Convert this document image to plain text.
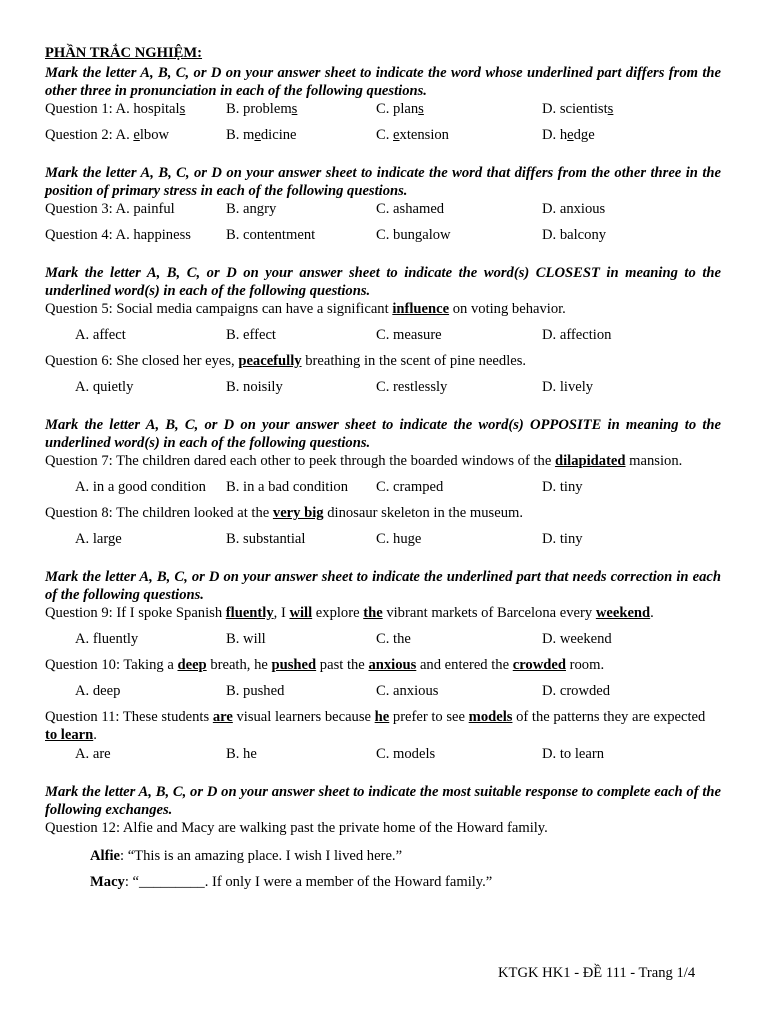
PHẦN TRẮC NGHIỆM:
Mark the letter A, B, C, or D on your answer sheet to indicate the word whose underlined part differs from the other three in pronunciation in each of the following questions.
Question 1: A. hospitals	B. problems	C. plans	D. scientists
Question 2: A. elbow	B. medicine	C. extension	D. hedge
Mark the letter A, B, C, or D on your answer sheet to indicate the word that differs from the other three in the position of primary stress in each of the following questions.
Question 3: A. painful	B. angry	C. ashamed	D. anxious
Question 4: A. happiness B. contentment	C. bungalow	D. balcony
Mark the letter A, B, C, or D on your answer sheet to indicate the word(s) CLOSEST in meaning to the underlined word(s) in each of the following questions.
Question 5: Social media campaigns can have a significant influence on voting behavior.
A. affect	B. effect	C. measure	D. affection
Question 6: She closed her eyes, peacefully breathing in the scent of pine needles.
A. quietly	B. noisily	C. restlessly	D. lively
Mark the letter A, B, C, or D on your answer sheet to indicate the word(s) OPPOSITE in meaning to the underlined word(s) in each of the following questions.
Question 7: The children dared each other to peek through the boarded windows of the dilapidated mansion.
A. in a good condition B. in a bad condition C. cramped	D. tiny
Question 8: The children looked at the very big dinosaur skeleton in the museum.
A. large	B. substantial	C. huge	D. tiny
Mark the letter A, B, C, or D on your answer sheet to indicate the underlined part that needs correction in each of the following questions.
Question 9: If I spoke Spanish fluently, I will explore the vibrant markets of Barcelona every weekend.
A. fluently	B. will	C. the	D. weekend
Question 10: Taking a deep breath, he pushed past the anxious and entered the crowded room.
A. deep	B. pushed	C. anxious	D. crowded
Question 11: These students are visual learners because he prefer to see models of the patterns they are expected to learn.
A. are	B. he	C. models	D. to learn
Mark the letter A, B, C, or D on your answer sheet to indicate the most suitable response to complete each of the following exchanges.
Question 12: Alfie and Macy are walking past the private home of the Howard family.
Alfie: “This is an amazing place. I wish I lived here.”
Macy: “_________. If only I were a member of the Howard family.”
KTGK HK1 - ĐỀ 111 - Trang 1/4
